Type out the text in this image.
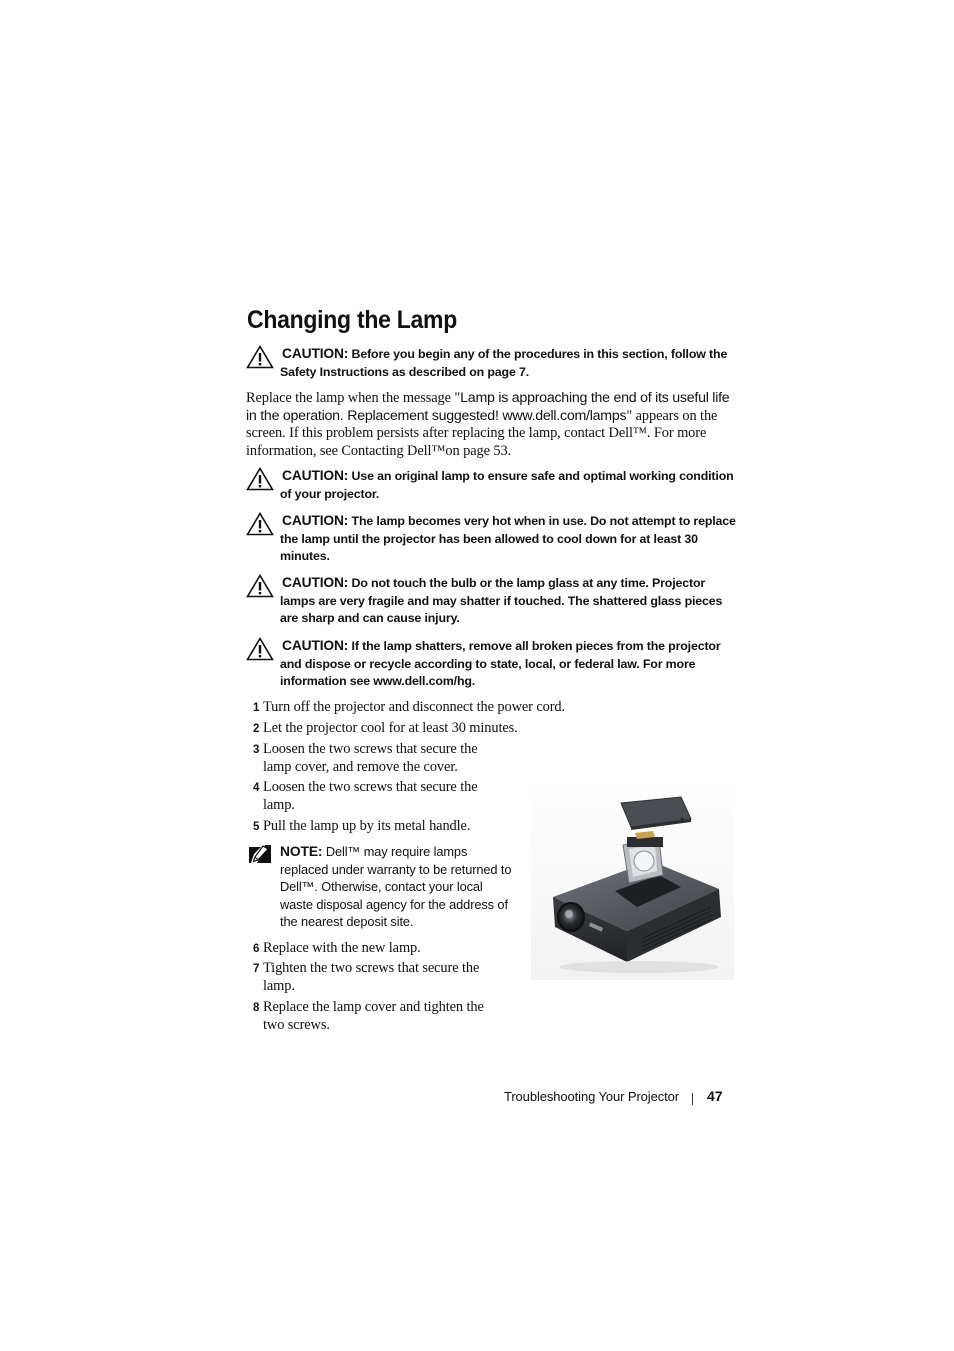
Changing the Lamp
CAUTION: Before you begin any of the procedures in this section, follow the Safety Instructions as described on page 7.
Replace the lamp when the message "Lamp is approaching the end of its useful life in the operation. Replacement suggested! www.dell.com/lamps" appears on the screen. If this problem persists after replacing the lamp, contact Dell™. For more information, see Contacting Dell™on page 53.
CAUTION: Use an original lamp to ensure safe and optimal working condition of your projector.
CAUTION: The lamp becomes very hot when in use. Do not attempt to replace the lamp until the projector has been allowed to cool down for at least 30 minutes.
CAUTION: Do not touch the bulb or the lamp glass at any time. Projector lamps are very fragile and may shatter if touched. The shattered glass pieces are sharp and can cause injury.
CAUTION: If the lamp shatters, remove all broken pieces from the projector and dispose or recycle according to state, local, or federal law. For more information see www.dell.com/hg.
1 Turn off the projector and disconnect the power cord.
2 Let the projector cool for at least 30 minutes.
3 Loosen the two screws that secure the lamp cover, and remove the cover.
4 Loosen the two screws that secure the lamp.
5 Pull the lamp up by its metal handle.
NOTE: Dell™ may require lamps replaced under warranty to be returned to Dell™. Otherwise, contact your local waste disposal agency for the address of the nearest deposit site.
6 Replace with the new lamp.
7 Tighten the two screws that secure the lamp.
8 Replace the lamp cover and tighten the two screws.
Troubleshooting Your Projector 47
